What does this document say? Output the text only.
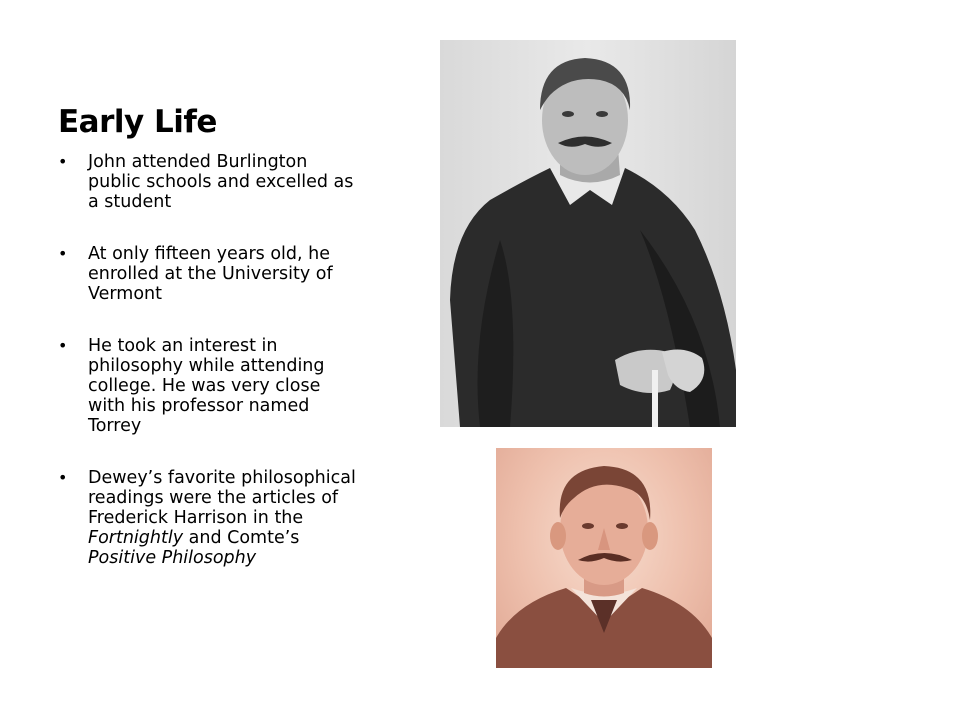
Early Life
• John attended Burlington public schools and excelled as a student
• At only fifteen years old, he enrolled at the University of Vermont
• He took an interest in philosophy while attending college. He was very close with his professor named Torrey
• Dewey’s favorite philosophical readings were the articles of Frederick Harrison in the Fortnightly and Comte’s Positive Philosophy
